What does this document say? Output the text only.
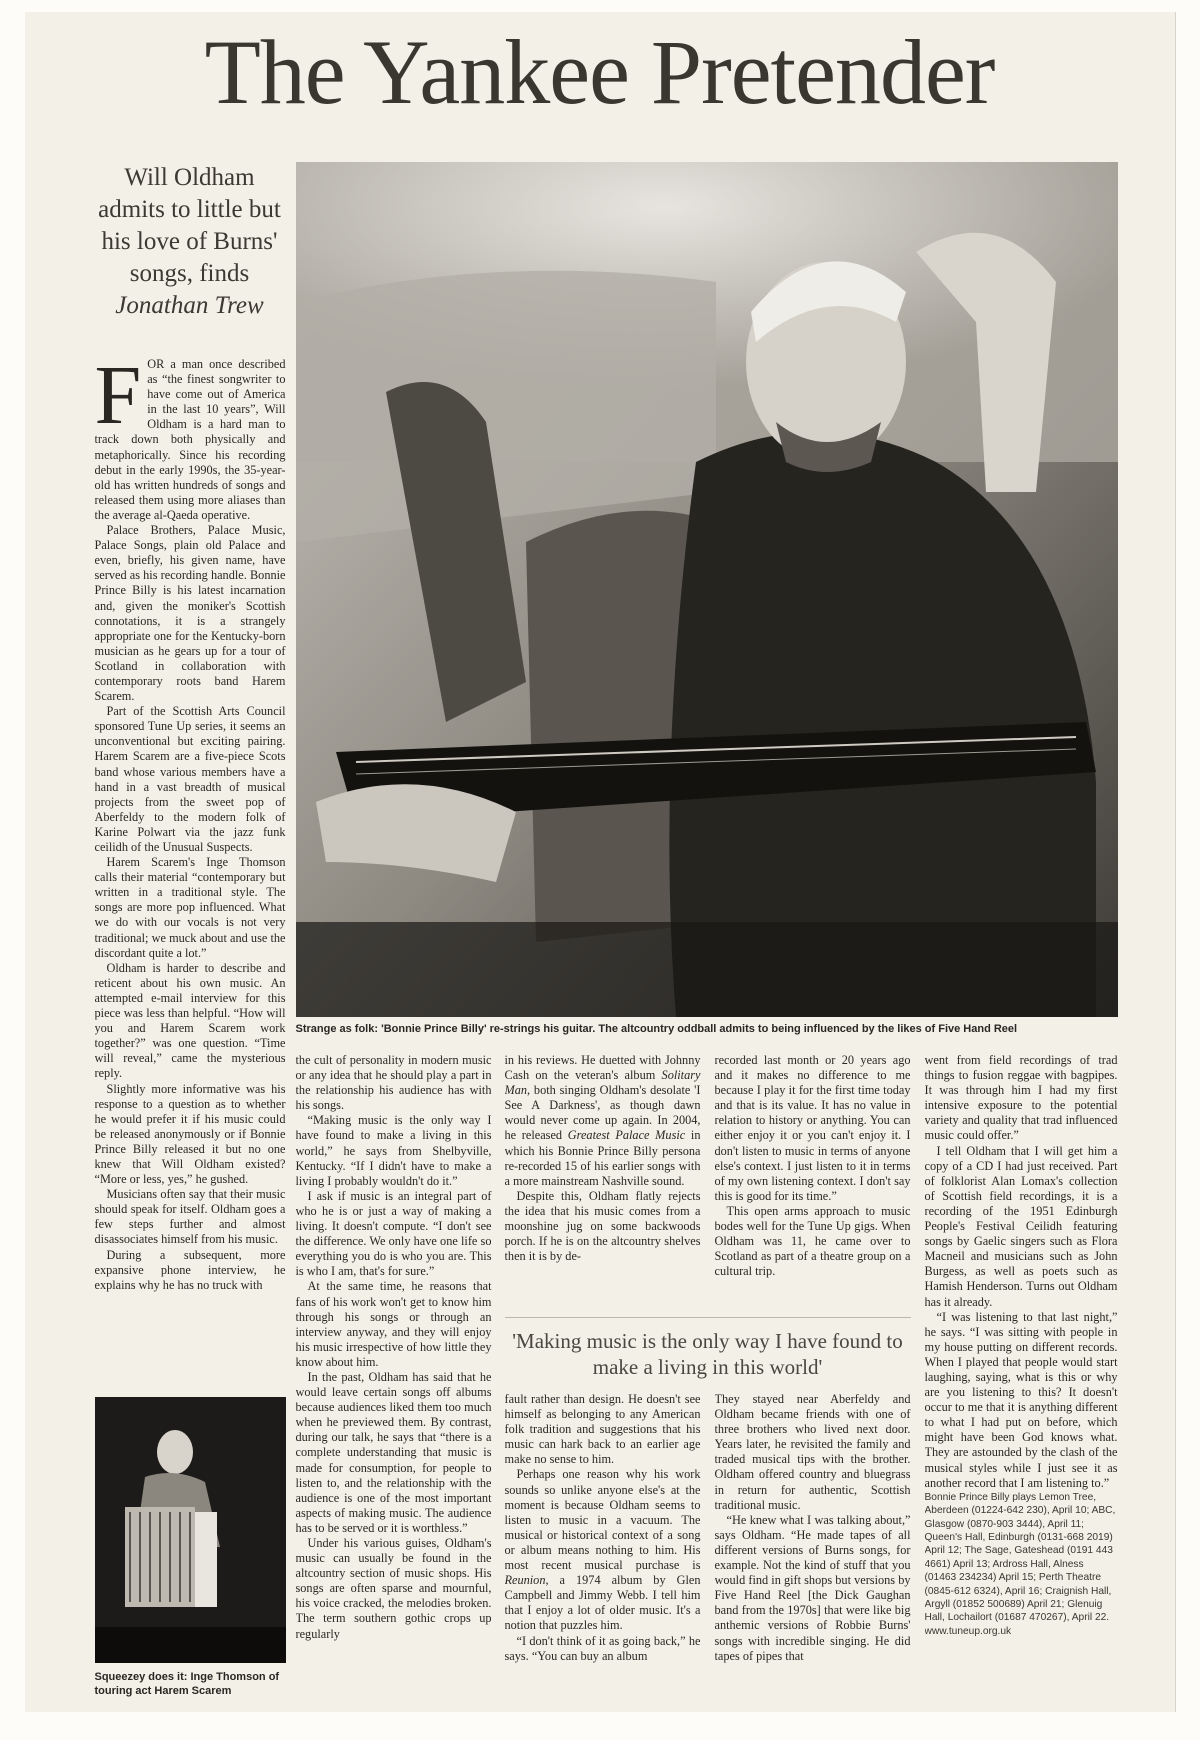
The Yankee Pretender
Will Oldham admits to little but his love of Burns' songs, finds
Jonathan Trew
Strange as folk: 'Bonnie Prince Billy' re-strings his guitar. The altcountry oddball admits to being influenced by the likes of Five Hand Reel

FOR a man once described as “the finest songwriter to have come out of America in the last 10 years”, Will Oldham is a hard man to track down both physically and metaphorically. Since his recording debut in the early 1990s, the 35-year-old has written hundreds of songs and released them using more aliases than the average al-Qaeda operative.

Palace Brothers, Palace Music, Palace Songs, plain old Palace and even, briefly, his given name, have served as his recording handle. Bonnie Prince Billy is his latest incarnation and, given the moniker's Scottish connotations, it is a strangely appropriate one for the Kentucky-born musician as he gears up for a tour of Scotland in collaboration with contemporary roots band Harem Scarem.

Part of the Scottish Arts Council sponsored Tune Up series, it seems an unconventional but exciting pairing. Harem Scarem are a five-piece Scots band whose various members have a hand in a vast breadth of musical projects from the sweet pop of Aberfeldy to the modern folk of Karine Polwart via the jazz funk ceilidh of the Unusual Suspects.

Harem Scarem's Inge Thomson calls their material “contemporary but written in a traditional style. The songs are more pop influenced. What we do with our vocals is not very traditional; we muck about and use the discordant quite a lot.”

Oldham is harder to describe and reticent about his own music. An attempted e-mail interview for this piece was less than helpful. “How will you and Harem Scarem work together?” was one question. “Time will reveal,” came the mysterious reply.

Slightly more informative was his response to a question as to whether he would prefer it if his music could be released anonymously or if Bonnie Prince Billy released it but no one knew that Will Oldham existed? “More or less, yes,” he gushed.

Musicians often say that their music should speak for itself. Oldham goes a few steps further and almost disassociates himself from his music.

During a subsequent, more expansive phone interview, he explains why he has no truck with

Squeezey does it: Inge Thomson of touring act Harem Scarem

the cult of personality in modern music or any idea that he should play a part in the relationship his audience has with his songs.

“Making music is the only way I have found to make a living in this world,” he says from Shelbyville, Kentucky. “If I didn't have to make a living I probably wouldn't do it.”

I ask if music is an integral part of who he is or just a way of making a living. It doesn't compute. “I don't see the difference. We only have one life so everything you do is who you are. This is who I am, that's for sure.”

At the same time, he reasons that fans of his work won't get to know him through his songs or through an interview anyway, and they will enjoy his music irrespective of how little they know about him.

In the past, Oldham has said that he would leave certain songs off albums because audiences liked them too much when he previewed them. By contrast, during our talk, he says that “there is a complete understanding that music is made for consumption, for people to listen to, and the relationship with the audience is one of the most important aspects of making music. The audience has to be served or it is worthless.”

Under his various guises, Oldham's music can usually be found in the altcountry section of music shops. His songs are often sparse and mournful, his voice cracked, the melodies broken. The term southern gothic crops up regularly

in his reviews. He duetted with Johnny Cash on the veteran's album Solitary Man, both singing Oldham's desolate 'I See A Darkness', as though dawn would never come up again. In 2004, he released Greatest Palace Music in which his Bonnie Prince Billy persona re-recorded 15 of his earlier songs with a more mainstream Nashville sound.

Despite this, Oldham flatly rejects the idea that his music comes from a moonshine jug on some backwoods porch. If he is on the altcountry shelves then it is by de-

recorded last month or 20 years ago and it makes no difference to me because I play it for the first time today and that is its value. It has no value in relation to history or anything. You can either enjoy it or you can't enjoy it. I don't listen to music in terms of anyone else's context. I just listen to it in terms of my own listening context. I don't say this is good for its time.”

This open arms approach to music bodes well for the Tune Up gigs. When Oldham was 11, he came over to Scotland as part of a theatre group on a cultural trip.

'Making music is the only way I have found to make a living in this world'

fault rather than design. He doesn't see himself as belonging to any American folk tradition and suggestions that his music can hark back to an earlier age make no sense to him.

Perhaps one reason why his work sounds so unlike anyone else's at the moment is because Oldham seems to listen to music in a vacuum. The musical or historical context of a song or album means nothing to him. His most recent musical purchase is Reunion, a 1974 album by Glen Campbell and Jimmy Webb. I tell him that I enjoy a lot of older music. It's a notion that puzzles him.

“I don't think of it as going back,” he says. “You can buy an album

They stayed near Aberfeldy and Oldham became friends with one of three brothers who lived next door. Years later, he revisited the family and traded musical tips with the brother. Oldham offered country and bluegrass in return for authentic, Scottish traditional music.

“He knew what I was talking about,” says Oldham. “He made tapes of all different versions of Burns songs, for example. Not the kind of stuff that you would find in gift shops but versions by Five Hand Reel [the Dick Gaughan band from the 1970s] that were like big anthemic versions of Robbie Burns' songs with incredible singing. He did tapes of pipes that

went from field recordings of trad things to fusion reggae with bagpipes. It was through him I had my first intensive exposure to the potential variety and quality that trad influenced music could offer.”

I tell Oldham that I will get him a copy of a CD I had just received. Part of folklorist Alan Lomax's collection of Scottish field recordings, it is a recording of the 1951 Edinburgh People's Festival Ceilidh featuring songs by Gaelic singers such as Flora Macneil and musicians such as John Burgess, as well as poets such as Hamish Henderson. Turns out Oldham has it already.

“I was listening to that last night,” he says. “I was sitting with people in my house putting on different records. When I played that people would start laughing, saying, what is this or why are you listening to this? It doesn't occur to me that it is anything different to what I had put on before, which might have been God knows what. They are astounded by the clash of the musical styles while I just see it as another record that I am listening to.”

Bonnie Prince Billy plays Lemon Tree, Aberdeen (01224-642 230), April 10; ABC, Glasgow (0870-903 3444), April 11; Queen's Hall, Edinburgh (0131-668 2019) April 12; The Sage, Gateshead (0191 443 4661) April 13; Ardross Hall, Alness (01463 234234) April 15; Perth Theatre (0845-612 6324), April 16; Craignish Hall, Argyll (01852 500689) April 21; Glenuig Hall, Lochailort (01687 470267), April 22. www.tuneup.org.uk
